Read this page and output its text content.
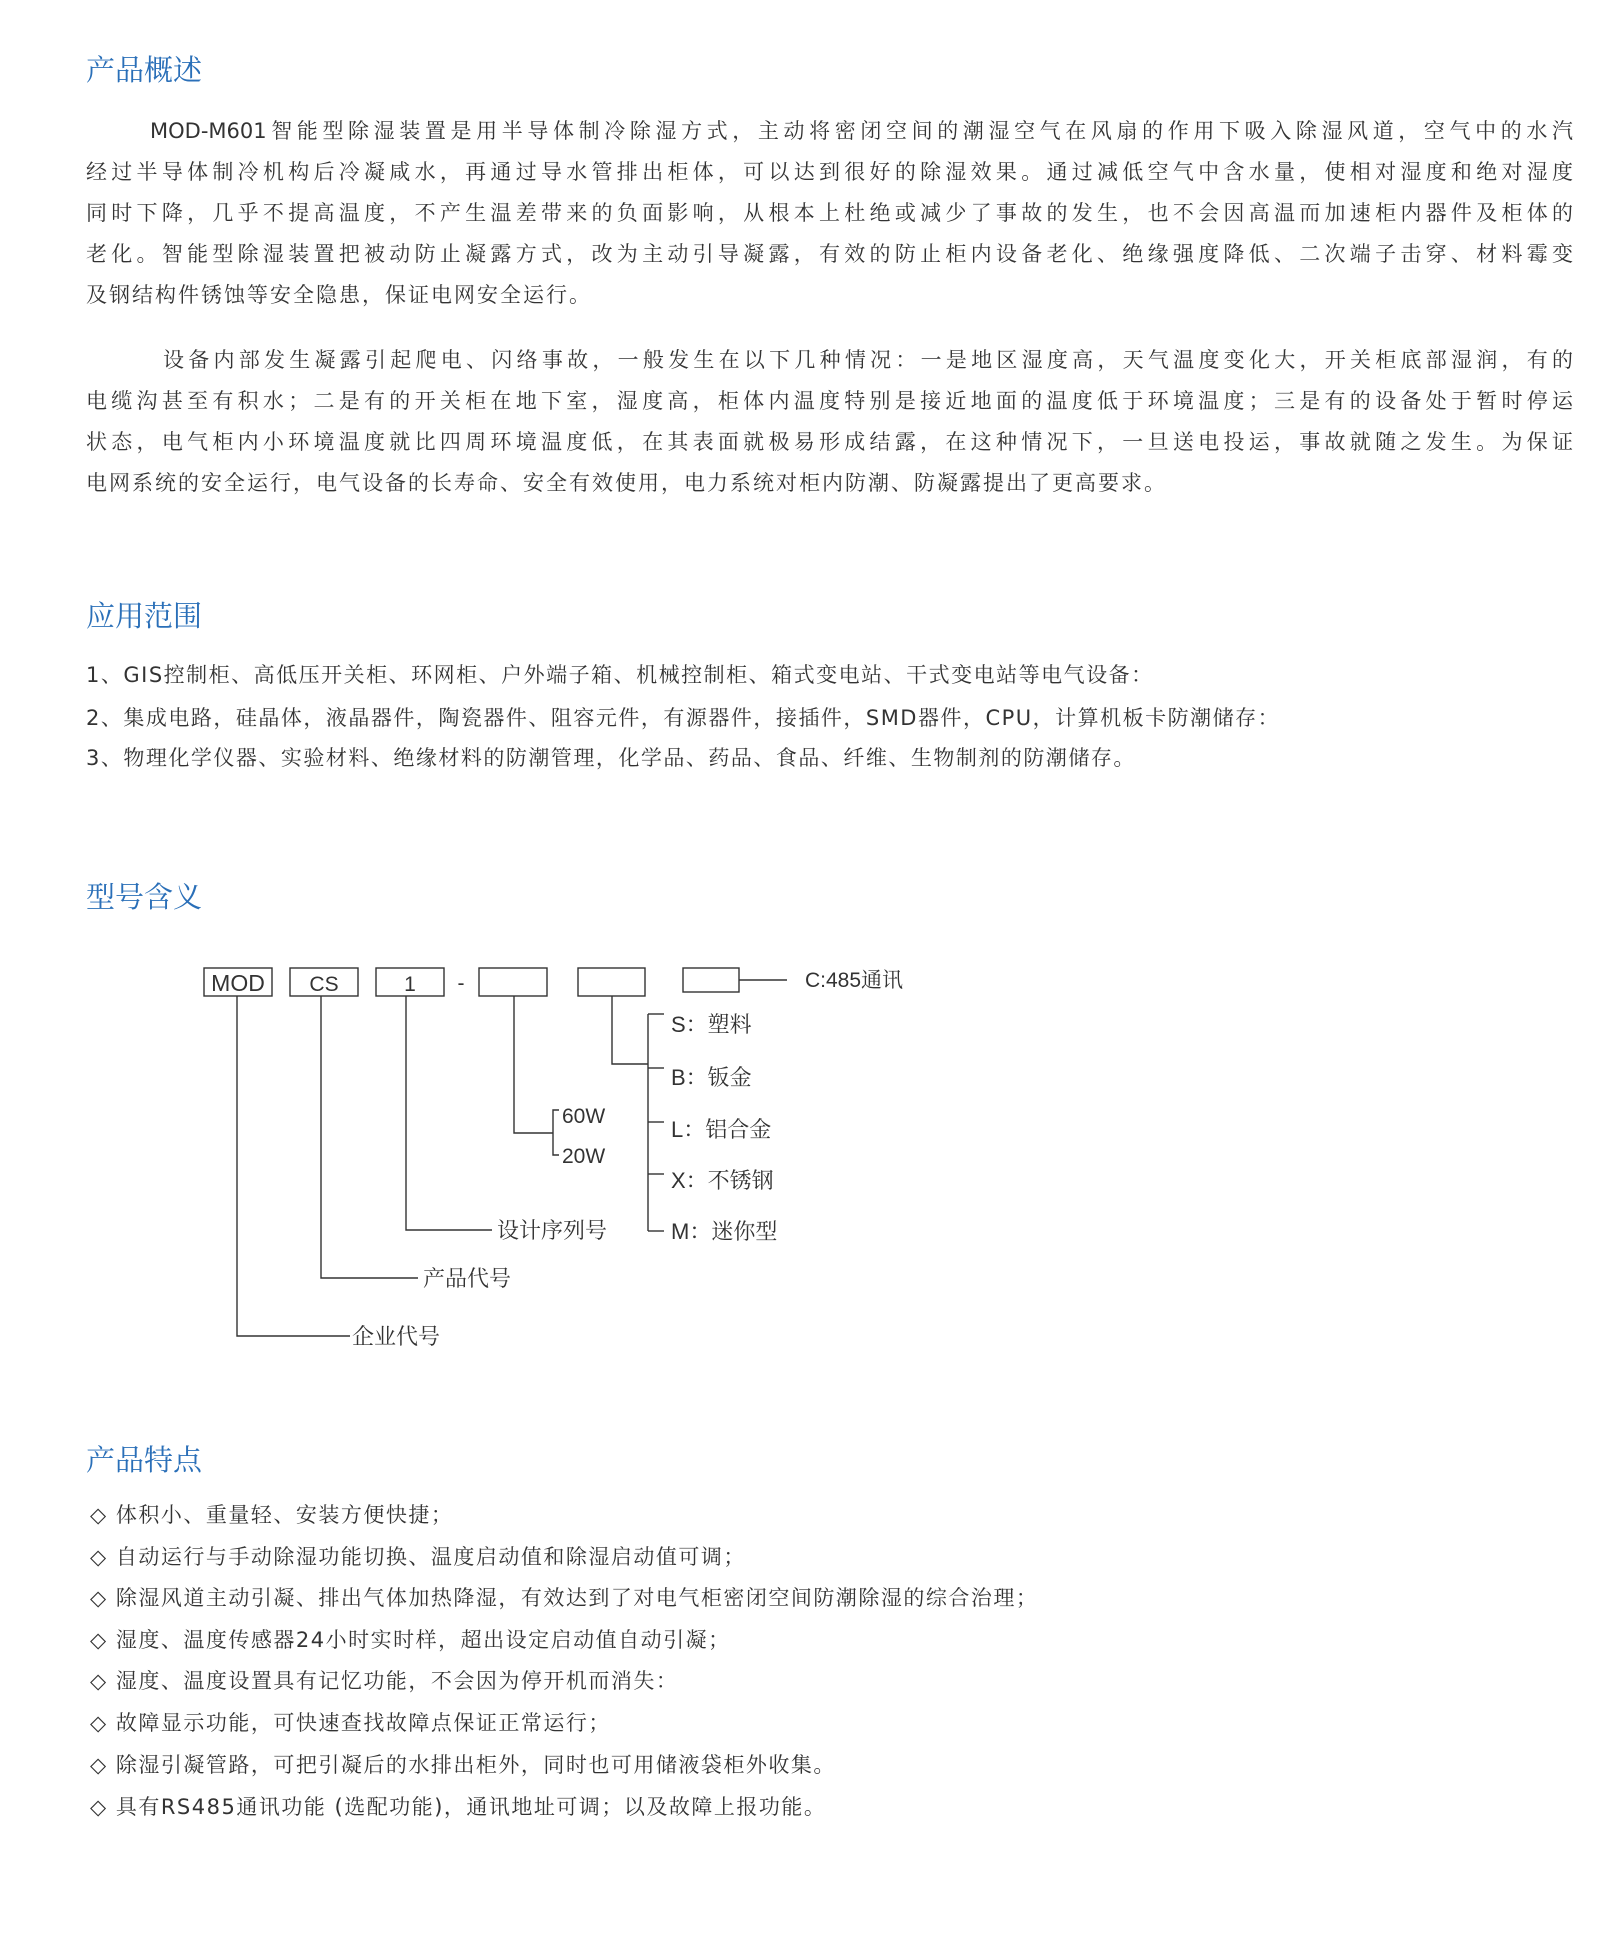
产品概述
MOD-M601智能型除湿装置是用半导体制冷除湿方式，主动将密闭空间的潮湿空气在风扇的作用下吸入除湿风道，空气中的水汽
经过半导体制冷机构后冷凝咸水，再通过导水管排出柜体，可以达到很好的除湿效果。通过减低空气中含水量，使相对湿度和绝对湿度
同时下降，几乎不提高温度，不产生温差带来的负面影响，从根本上杜绝或减少了事故的发生，也不会因高温而加速柜内器件及柜体的
老化。智能型除湿装置把被动防止凝露方式，改为主动引导凝露，有效的防止柜内设备老化、绝缘强度降低、二次端子击穿、材料霉变
及钢结构件锈蚀等安全隐患，保证电网安全运行。
设备内部发生凝露引起爬电、闪络事故，一般发生在以下几种情况：一是地区湿度高，天气温度变化大，开关柜底部湿润，有的
电缆沟甚至有积水；二是有的开关柜在地下室，湿度高，柜体内温度特别是接近地面的温度低于环境温度；三是有的设备处于暂时停运
状态，电气柜内小环境温度就比四周环境温度低，在其表面就极易形成结露，在这种情况下，一旦送电投运，事故就随之发生。为保证
电网系统的安全运行，电气设备的长寿命、安全有效使用，电力系统对柜内防潮、防凝露提出了更高要求。
应用范围
1、GIS控制柜、高低压开关柜、环网柜、户外端子箱、机械控制柜、箱式变电站、干式变电站等电气设备：
2、集成电路，硅晶体，液晶器件，陶瓷器件、阻容元件，有源器件，接插件，SMD器件，CPU，计算机板卡防潮储存：
3、物理化学仪器、实验材料、绝缘材料的防潮管理，化学品、药品、食品、纤维、生物制剂的防潮储存。
型号含义
MOD CS	1 -	C:485通讯
企业代号
产品代号
设计序列号
60W
20W
S：塑料
B：钣金
L：铝合金
X：不锈钢
M：迷你型
产品特点
◇ 体积小、重量轻、安装方便快捷；
◇ 自动运行与手动除湿功能切换、温度启动值和除湿启动值可调；
◇ 除湿风道主动引凝、排出气体加热降湿，有效达到了对电气柜密闭空间防潮除湿的综合治理；
◇ 湿度、温度传感器24小时实时样，超出设定启动值自动引凝；
◇ 湿度、温度设置具有记忆功能，不会因为停开机而消失：
◇ 故障显示功能，可快速查找故障点保证正常运行；
◇ 除湿引凝管路，可把引凝后的水排出柜外，同时也可用储液袋柜外收集。
◇ 具有RS485通讯功能 (选配功能)，通讯地址可调；以及故障上报功能。
